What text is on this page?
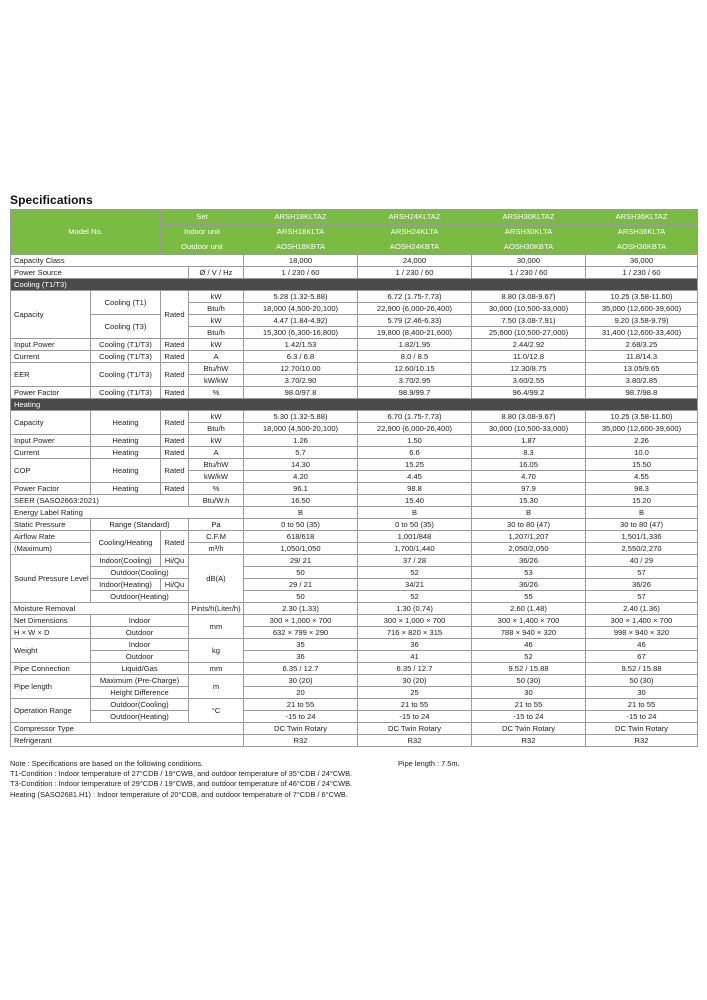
Specifications
Model No.		Set		ARSH18KLTAZ	ARSH24KLTAZ	ARSH30KLTAZ	ARSH36KLTAZ
		Indoor unit		ARSH18KLTA	ARSH24KLTA	ARSH30KLTA	ARSH36KLTA
		Outdoor unit		AOSH18KBTA	AOSH24KBTA	AOSH30KBTA	AOSH36KBTA
Capacity Class				18,000	24,000	30,000	36,000
Power Source			Ø / V / Hz	1 / 230 / 60	1 / 230 / 60	1 / 230 / 60	1 / 230 / 60
Cooling (T1/T3)							
Capacity	Cooling (T1)	Rated	kW	5.28 (1.32-5.88)	6.72 (1.75-7.73)	8.80 (3.08-9.67)	10.25 (3.58-11.60)
			Btu/h	18,000 (4,500-20,100)	22,900 (6,000-26,400)	30,000 (10,500-33,000)	35,000 (12,600-39,600)
	Cooling (T3)		kW	4.47 (1.84-4.92)	5.79 (2.46-6.33)	7.50 (3.08-7.91)	9.20 (3.58-9.79)
			Btu/h	15,300 (6,300-16,800)	19,800 (8,400-21,600)	25,600 (10,500-27,000)	31,400 (12,600-33,400)
Input Power	Cooling (T1/T3)	Rated	kW	1.42/1.53	1.82/1.95	2.44/2.92	2.68/3.25
Current	Cooling (T1/T3)	Rated	A	6.3 / 6.8	8.0 / 8.5	11.0/12.8	11.8/14.3
EER	Cooling (T1/T3)	Rated	Btu/hW	12.70/10.00	12.60/10.15	12.30/8.75	13.05/9.65
			kW/kW	3.70/2.90	3.70/2.95	3.60/2.55	3.80/2.85
Power Factor	Cooling (T1/T3)	Rated	%	98.0/97.8	98.9/99.7	96.4/99.2	98.7/98.8
Heating							
Capacity	Heating	Rated	kW	5.30 (1.32-5.88)	6.70 (1.75-7.73)	8.80 (3.08-9.67)	10.25 (3.58-11.60)
			Btu/h	18,000 (4,500-20,100)	22,900 (6,000-26,400)	30,000 (10,500-33,000)	35,000 (12,600-39,600)
Input Power	Heating	Rated	kW	1.26	1.50	1.87	2.26
Current	Heating	Rated	A	5.7	6.6	8.3	10.0
COP	Heating	Rated	Btu/hW	14.30	15.25	16.05	15.50
			kW/kW	4.20	4.45	4.70	4.55
Power Factor	Heating	Rated	%	96.1	98.8	97.9	98.3
SEER (SASO2663:2021)			Btu/W.h	16.50	15.40	15.30	15.20
Energy Label Rating				B	B	B	B
Static Pressure	Range (Standard)		Pa	0 to 50 (35)	0 to 50 (35)	30 to 80 (47)	30 to 80 (47)
Airflow Rate	Cooling/Heating	Rated	C.F.M	618/618	1,001/848	1,207/1,207	1,501/1,336
(Maximum)			m³/h	1,050/1,050	1,700/1,440	2,050/2,050	2,550/2,270
Sound Pressure Level	Indoor(Cooling)	Hi/Qu	dB(A)	29/ 21	37 / 28	36/26	40 / 29
	Outdoor(Cooling)			50	52	53	57
	Indoor(Heating)	Hi/Qu		29 / 21	34/21	36/26	36/26
	Outdoor(Heating)			50	52	55	57
Moisture Removal			Pints/h(Liter/h)	2.30 (1.33)	1.30 (0.74)	2.60 (1.48)	2.40 (1.36)
Net Dimensions	Indoor		mm	300 × 1,000 × 700	300 × 1,000 × 700	300 × 1,400 × 700	300 × 1,400 × 700
H × W × D	Outdoor			632 × 799 × 290	716 × 820 × 315	788 × 940 × 320	998 × 940 × 320
Weight	Indoor		kg	35	36	46	46
	Outdoor			36	41	52	67
Pipe Connection	Liquid/Gas		mm	6.35 / 12.7	6.35 / 12.7	9.52 / 15.88	9.52 / 15.88
Pipe length	Maximum (Pre-Charge)		m	30 (20)	30 (20)	50 (30)	50 (30)
	Height Difference			20	25	30	30
Operation Range	Outdoor(Cooling)		°C	21 to 55	21 to 55	21 to 55	21 to 55
	Outdoor(Heating)			-15 to 24	-15 to 24	-15 to 24	-15 to 24
Compressor Type				DC Twin Rotary	DC Twin Rotary	DC Twin Rotary	DC Twin Rotary
Refrigerant				R32	R32	R32	R32
Note : Specifications are based on the following conditions.
T1-Condition : Indoor temperature of 27°CDB / 19°CWB, and outdoor temperature of 35°CDB / 24°CWB.
T3-Condition : Indoor temperature of 29°CDB / 19°CWB, and outdoor temperature of 46°CDB / 24°CWB.
Heating (SASO2681.H1) : Indoor temperature of 20°CDB, and outdoor temperature of 7°CDB / 6°CWB.
Pipe length : 7.5m.
